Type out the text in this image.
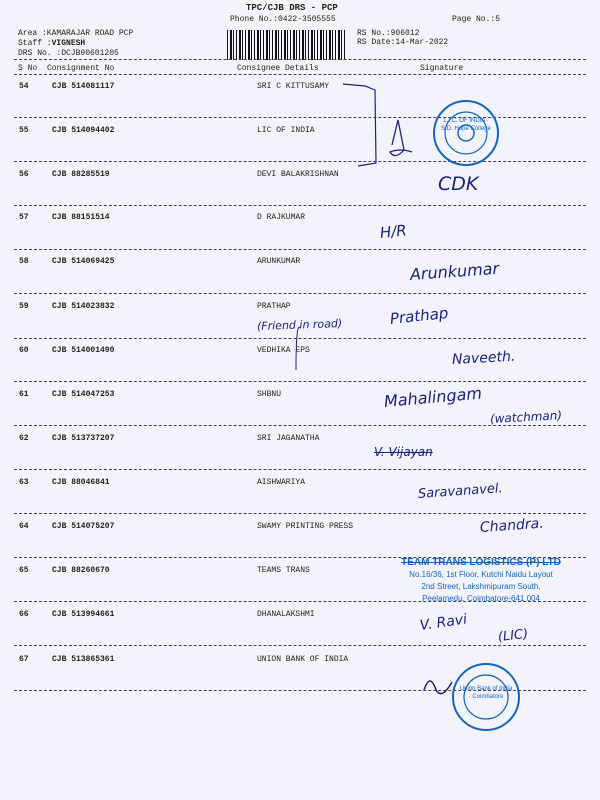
TPC/CJB DRS - PCP
Phone No.:0422-3505555	Page No.:5
Area :KAMARAJAR ROAD PCP
Staff :VIGNESH
DRS No. :DCJB90601205
RS No.:906012
RS Date:14-Mar-2022
S No Consignment No	Consignee Details	Signature
54	CJB 514081117	SRI C KITTUSAMY
55	CJB 514094402	LIC OF INDIA
56	CJB 88285519	DEVI BALAKRISHNAN
57	CJB 88151514	D RAJKUMAR
58	CJB 514069425	ARUNKUMAR
59	CJB 514023832	PRATHAP
60	CJB 514001490	VEDHIKA EPS
61	CJB 514047253	SHBNU
62	CJB 513737207	SRI JAGANATHA
63	CJB 88046841	AISHWARIYA
64	CJB 514075207	SWAMY PRINTING PRESS
65	CJB 88260670	TEAMS TRANS
66	CJB 513994661	DHANALAKSHMI
67	CJB 513865361	UNION BANK OF INDIA
L.I.C. OF INDIA · S.D. Hope College
CDK
H/R
Arunkumar
(Friend in road)	Prathap
Naveeth.
Mahalingam
(watchman)
V. Vijayan
Saravanavel.
Chandra.
TEAM TRANS LOGISTICS (P) LTD
No.16/36, 1st Floor, Kutchi Naidu Layout
2nd Street, Lakshmipuram South,
Peelamedu, Coimbatore-641 004
V. Ravi
(LIC)
Union Bank of India · Coimbatore
